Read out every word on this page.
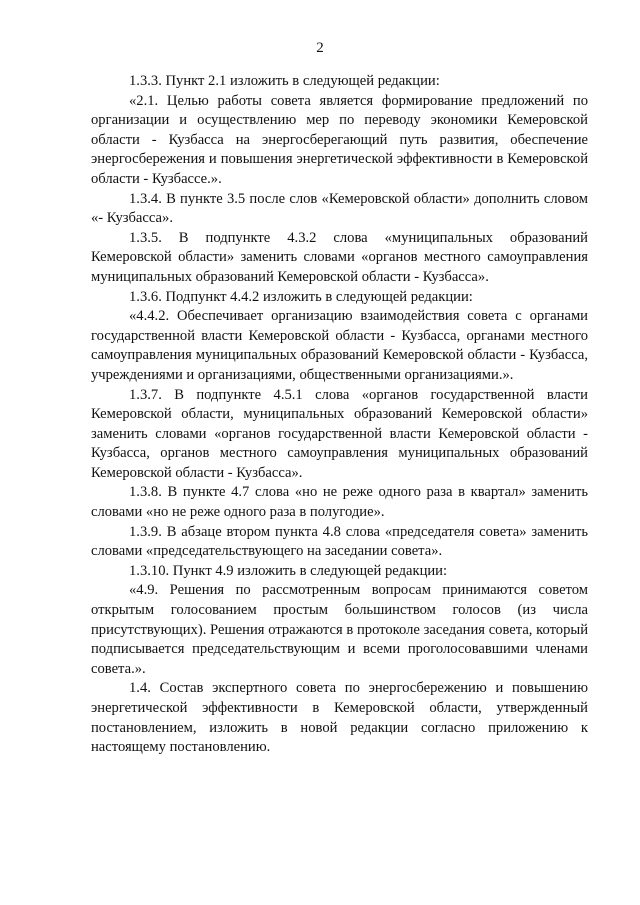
2

1.3.3. Пункт 2.1 изложить в следующей редакции:

«2.1. Целью работы совета является формирование предложений по организации и осуществлению мер по переводу экономики Кемеровской области - Кузбасса на энергосберегающий путь развития, обеспечение энергосбережения и повышения энергетической эффективности в Кемеровской области - Кузбассе.».

1.3.4. В пункте 3.5 после слов «Кемеровской области» дополнить словом «- Кузбасса».

1.3.5. В подпункте 4.3.2 слова «муниципальных образований Кемеровской области» заменить словами «органов местного самоуправления муниципальных образований Кемеровской области - Кузбасса».

1.3.6. Подпункт 4.4.2 изложить в следующей редакции:

«4.4.2. Обеспечивает организацию взаимодействия совета с органами государственной власти Кемеровской области - Кузбасса, органами местного самоуправления муниципальных образований Кемеровской области - Кузбасса, учреждениями и организациями, общественными организациями.».

1.3.7. В подпункте 4.5.1 слова «органов государственной власти Кемеровской области, муниципальных образований Кемеровской области» заменить словами «органов государственной власти Кемеровской области - Кузбасса, органов местного самоуправления муниципальных образований Кемеровской области - Кузбасса».

1.3.8. В пункте 4.7 слова «но не реже одного раза в квартал» заменить словами «но не реже одного раза в полугодие».

1.3.9. В абзаце втором пункта 4.8 слова «председателя совета» заменить словами «председательствующего на заседании совета».

1.3.10. Пункт 4.9 изложить в следующей редакции:

«4.9. Решения по рассмотренным вопросам принимаются советом открытым голосованием простым большинством голосов (из числа присутствующих). Решения отражаются в протоколе заседания совета, который подписывается председательствующим и всеми проголосовавшими членами совета.».

1.4. Состав экспертного совета по энергосбережению и повышению энергетической эффективности в Кемеровской области, утвержденный постановлением, изложить в новой редакции согласно приложению к настоящему постановлению.
